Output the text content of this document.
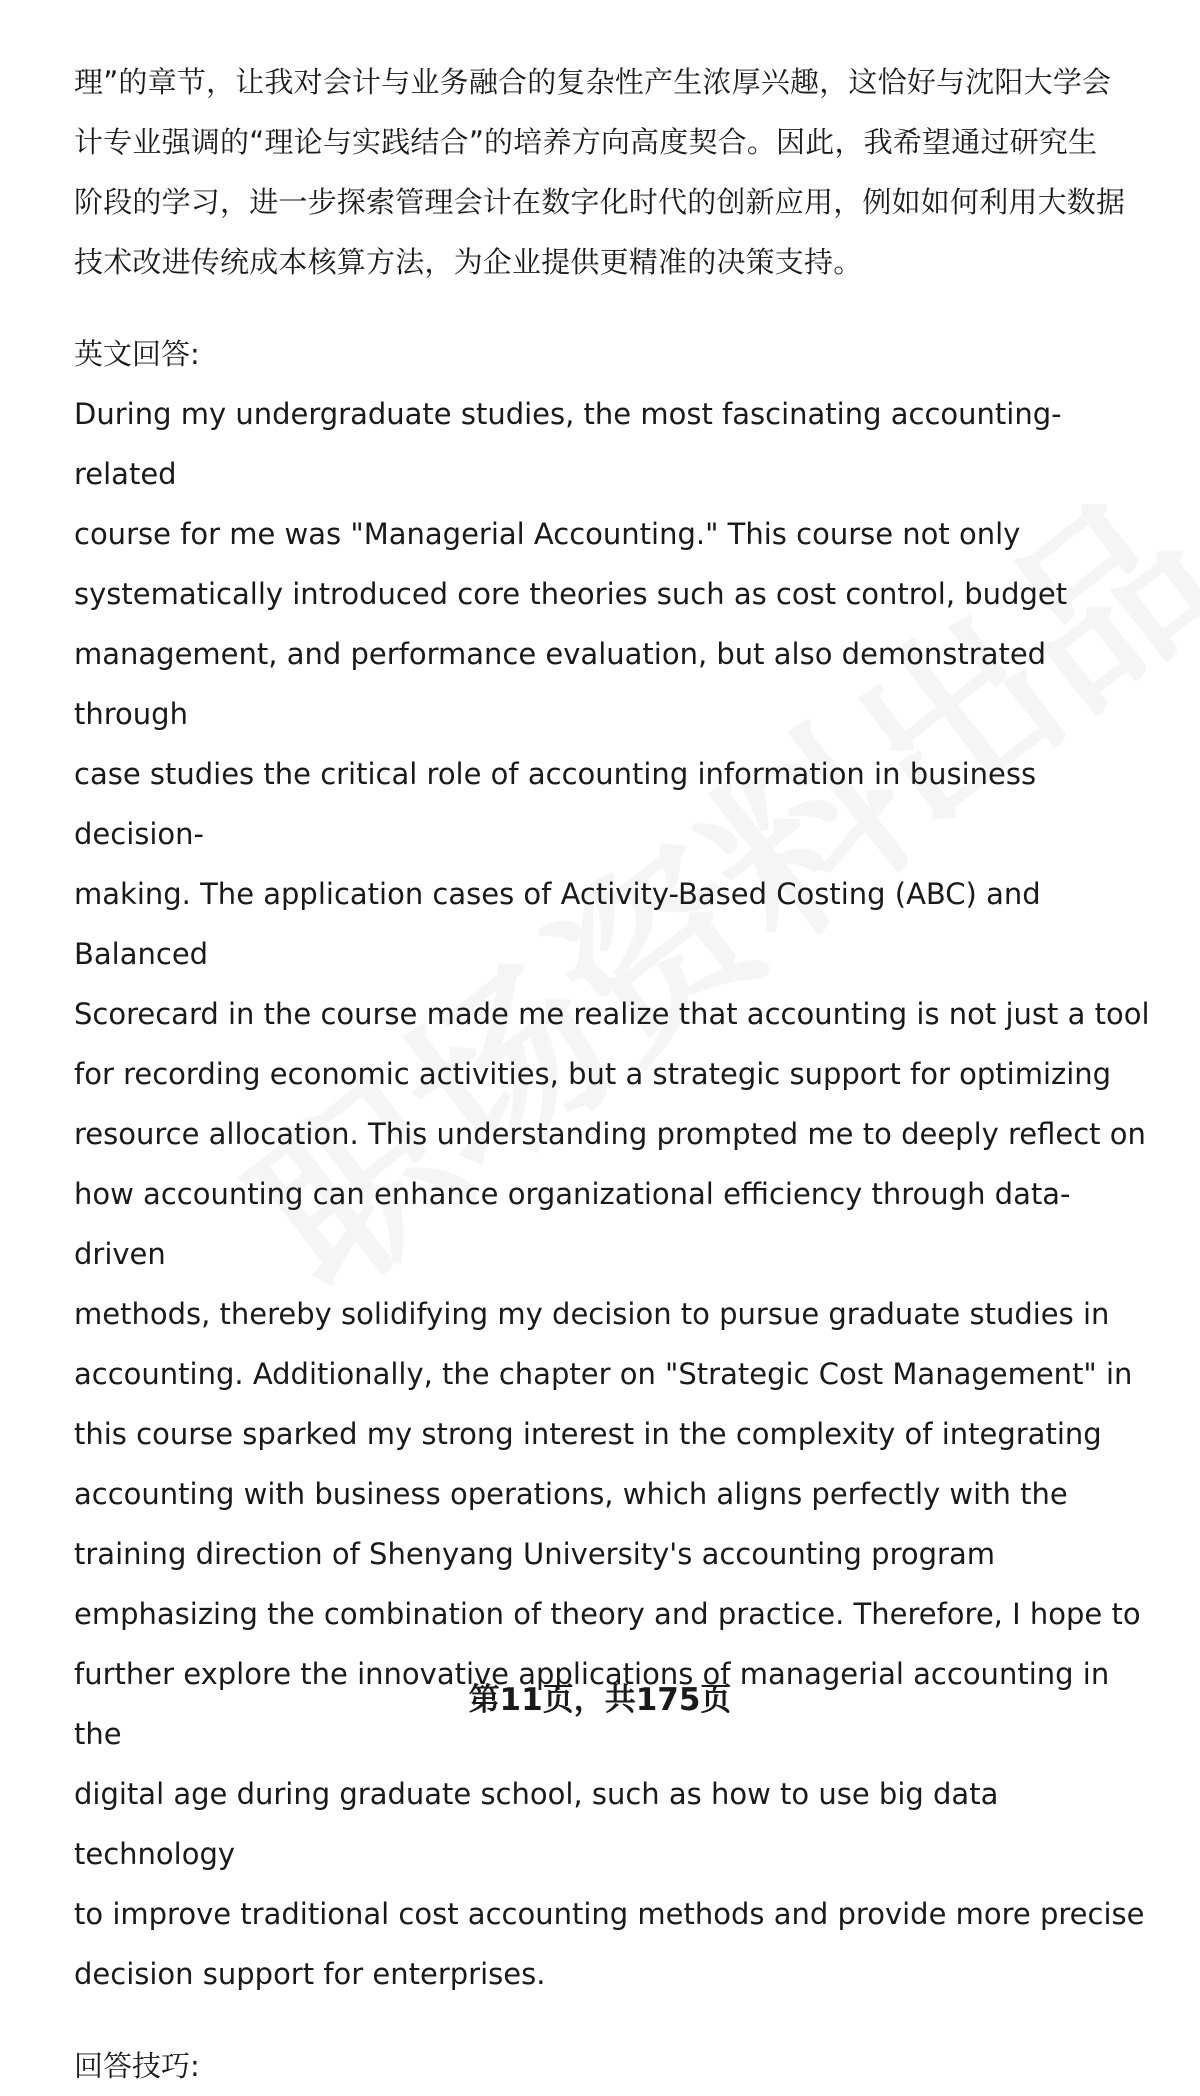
理”的章节，让我对会计与业务融合的复杂性产生浓厚兴趣，这恰好与沈阳大学会
计专业强调的“理论与实践结合”的培养方向高度契合。因此，我希望通过研究生
阶段的学习，进一步探索管理会计在数字化时代的创新应用，例如如何利用大数据
技术改进传统成本核算方法，为企业提供更精准的决策支持。

英文回答:

During my undergraduate studies, the most fascinating accounting-related
course for me was "Managerial Accounting." This course not only
systematically introduced core theories such as cost control, budget
management, and performance evaluation, but also demonstrated through
case studies the critical role of accounting information in business decision-
making. The application cases of Activity-Based Costing (ABC) and Balanced
Scorecard in the course made me realize that accounting is not just a tool
for recording economic activities, but a strategic support for optimizing
resource allocation. This understanding prompted me to deeply reflect on
how accounting can enhance organizational efficiency through data-driven
methods, thereby solidifying my decision to pursue graduate studies in
accounting. Additionally, the chapter on "Strategic Cost Management" in
this course sparked my strong interest in the complexity of integrating
accounting with business operations, which aligns perfectly with the
training direction of Shenyang University's accounting program
emphasizing the combination of theory and practice. Therefore, I hope to
further explore the innovative applications of managerial accounting in the
digital age during graduate school, such as how to use big data technology
to improve traditional cost accounting methods and provide more precise
decision support for enterprises.

回答技巧:

第11页，共175页
